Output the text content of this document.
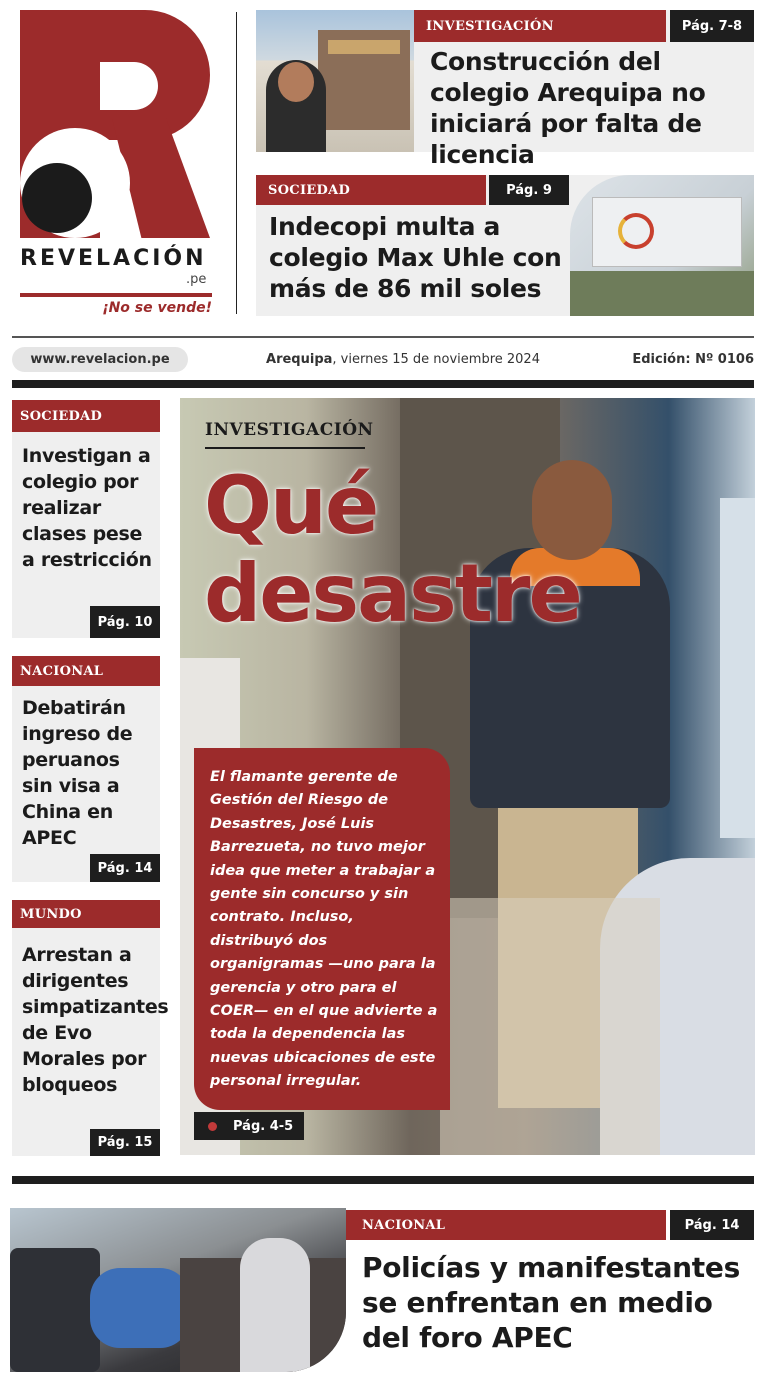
REVELACIÓN
.pe
¡No se vende!
INVESTIGACIÓN	Pág. 7-8
Construcción del colegio Arequipa no iniciará por falta de licencia
SOCIEDAD	Pág. 9
Indecopi multa a colegio Max Uhle con más de 86 mil soles
www.revelacion.pe	Arequipa, viernes 15 de noviembre 2024	Edición: Nº 0106
SOCIEDAD
Investigan a colegio por realizar clases pese a restricción
Pág. 10
NACIONAL
Debatirán ingreso de peruanos sin visa a China en APEC
Pág. 14
MUNDO
Arrestan a dirigentes simpatizantes de Evo Morales por bloqueos
Pág. 15
INVESTIGACIÓN
Qué
desastre
El flamante gerente de Gestión del Riesgo de Desastres, José Luis Barrezueta, no tuvo mejor idea que meter a trabajar a gente sin concurso y sin contrato. Incluso, distribuyó dos organigramas —uno para la gerencia y otro para el COER— en el que advierte a toda la dependencia las nuevas ubicaciones de este personal irregular.
Pág. 4-5
NACIONAL	Pág. 14
Policías y manifestantes se enfrentan en medio del foro APEC
